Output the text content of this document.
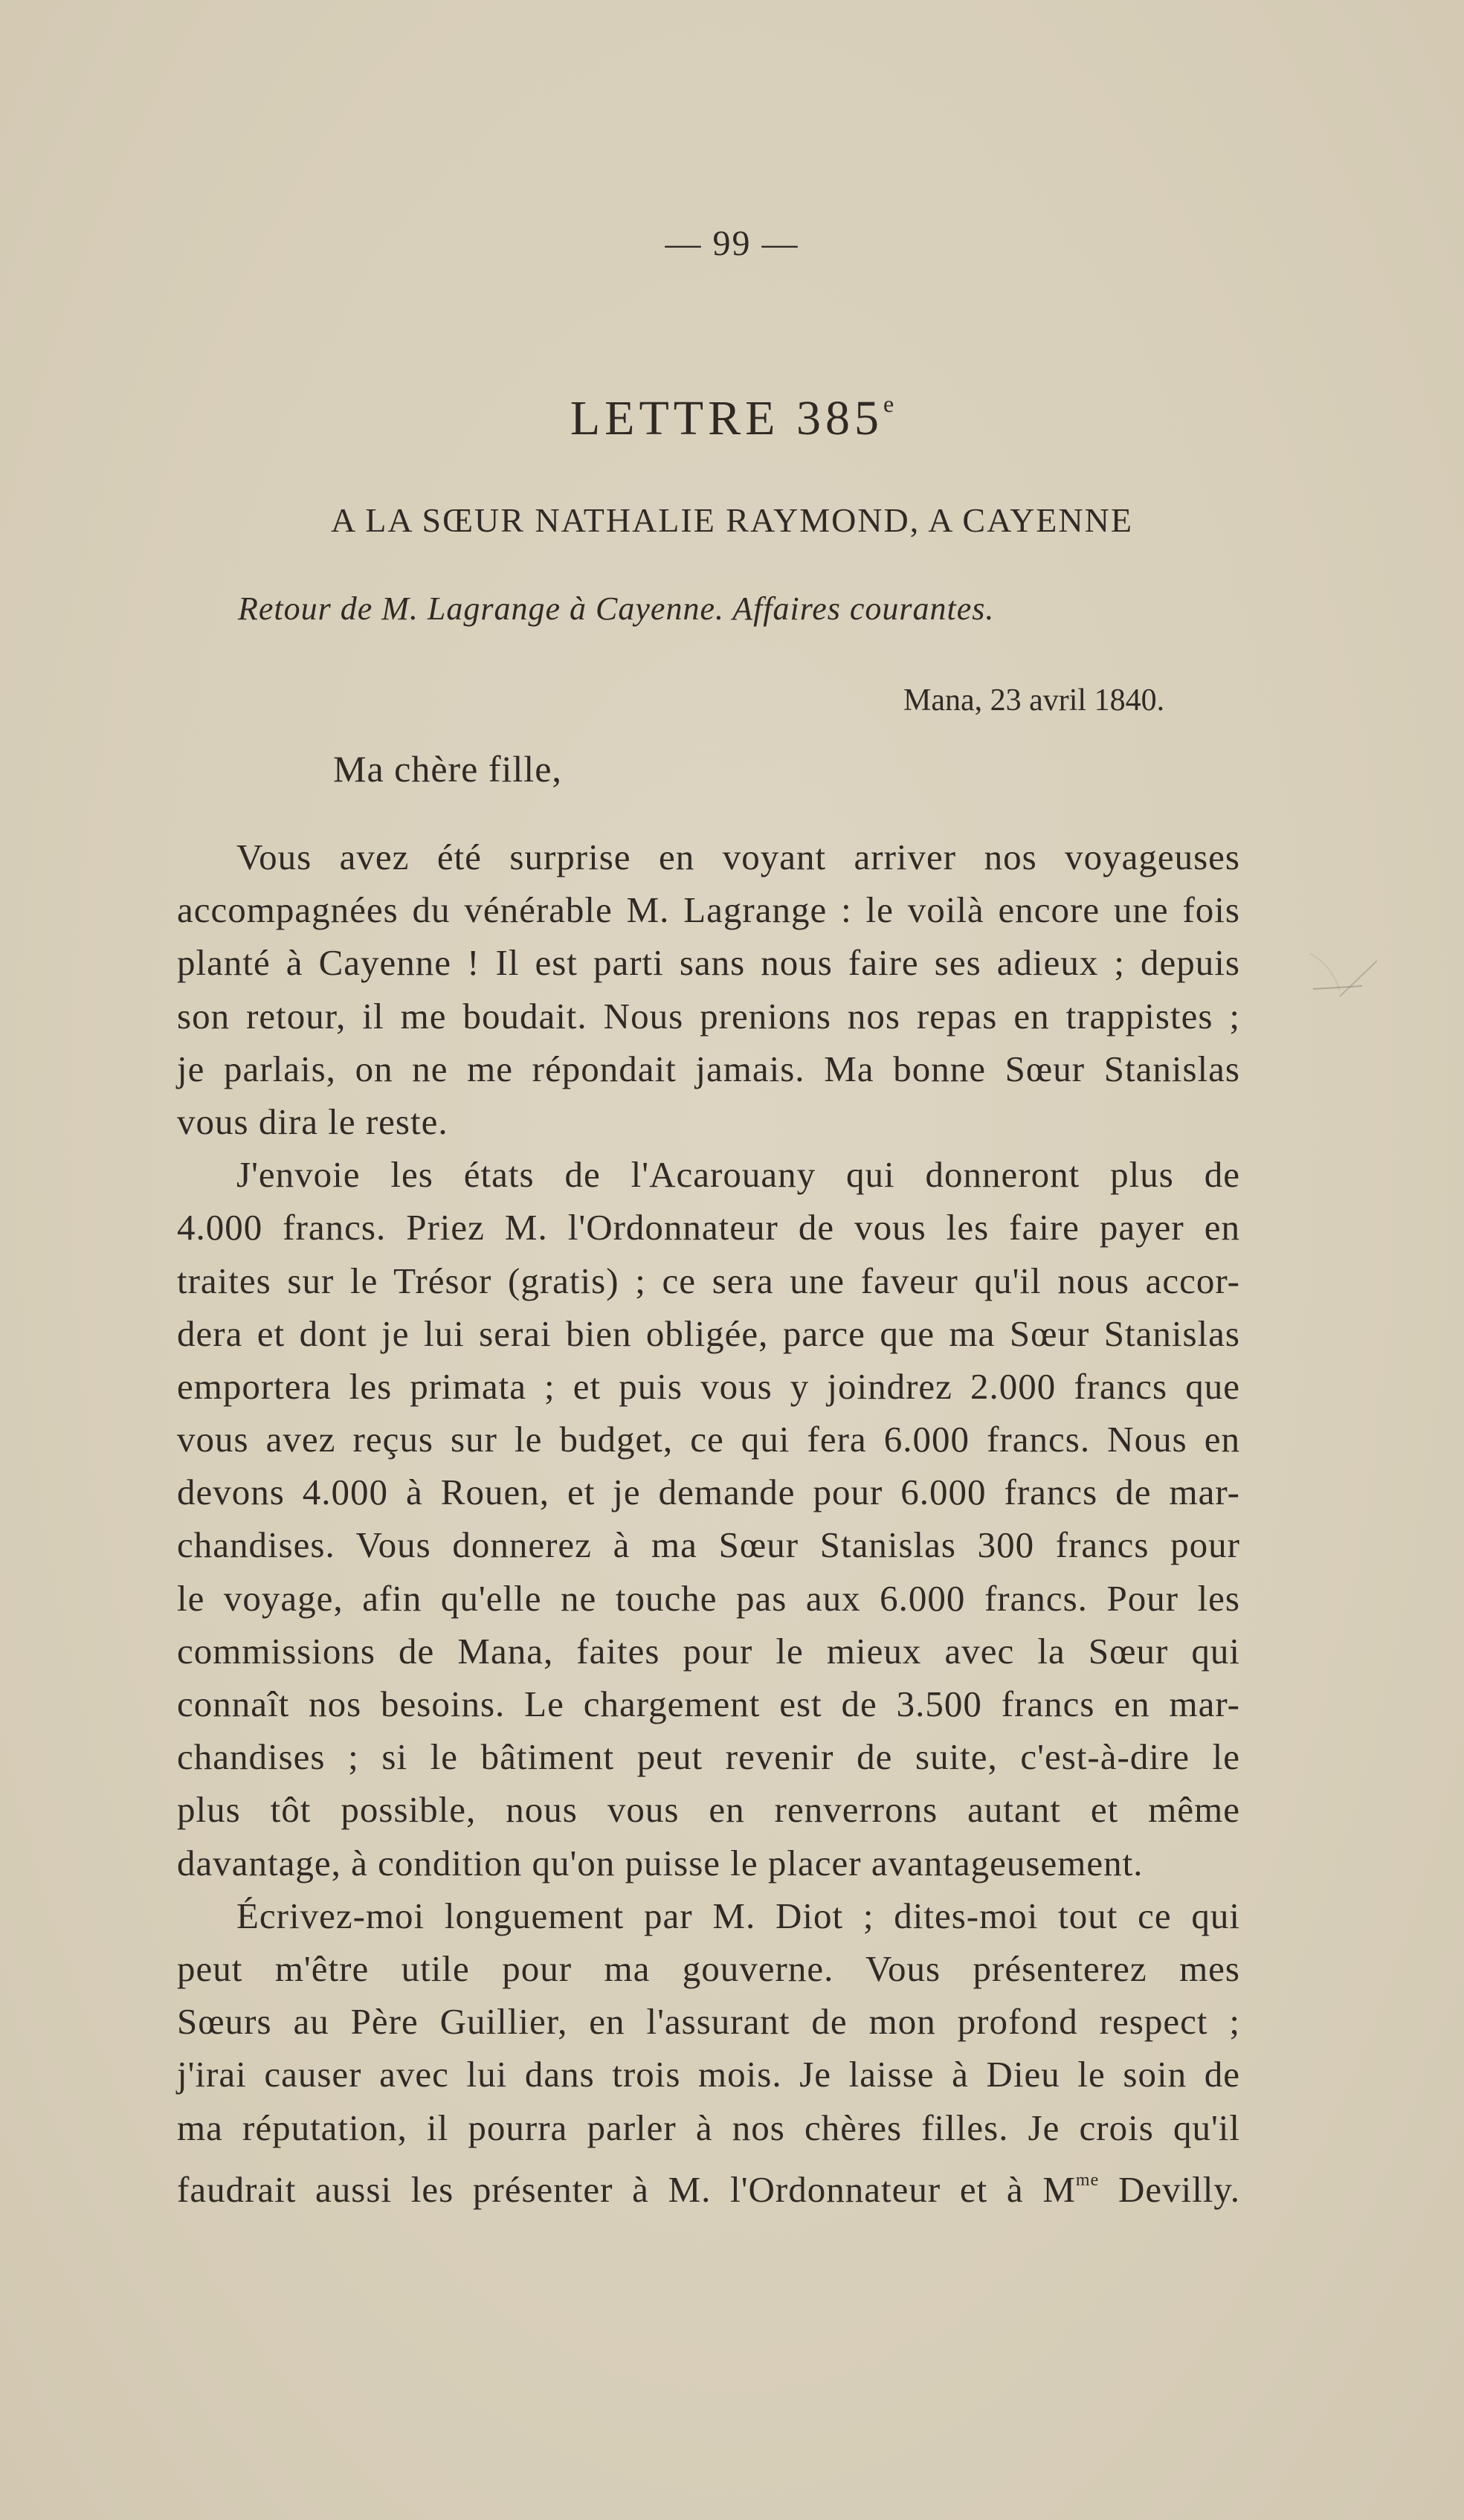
— 99 —
LETTRE 385e
A LA SŒUR NATHALIE RAYMOND, A CAYENNE
Retour de M. Lagrange à Cayenne. Affaires courantes.
Mana, 23 avril 1840.
Ma chère fille,
Vous avez été surprise en voyant arriver nos voyageuses
accompagnées du vénérable M. Lagrange : le voilà encore une fois
planté à Cayenne ! Il est parti sans nous faire ses adieux ; depuis
son retour, il me boudait. Nous prenions nos repas en trappistes ;
je parlais, on ne me répondait jamais. Ma bonne Sœur Stanislas
vous dira le reste.
J'envoie les états de l'Acarouany qui donneront plus de
4.000 francs. Priez M. l'Ordonnateur de vous les faire payer en
traites sur le Trésor (gratis) ; ce sera une faveur qu'il nous accor-
dera et dont je lui serai bien obligée, parce que ma Sœur Stanislas
emportera les primata ; et puis vous y joindrez 2.000 francs que
vous avez reçus sur le budget, ce qui fera 6.000 francs. Nous en
devons 4.000 à Rouen, et je demande pour 6.000 francs de mar-
chandises. Vous donnerez à ma Sœur Stanislas 300 francs pour
le voyage, afin qu'elle ne touche pas aux 6.000 francs. Pour les
commissions de Mana, faites pour le mieux avec la Sœur qui
connaît nos besoins. Le chargement est de 3.500 francs en mar-
chandises ; si le bâtiment peut revenir de suite, c'est-à-dire le
plus tôt possible, nous vous en renverrons autant et même
davantage, à condition qu'on puisse le placer avantageusement.
Écrivez-moi longuement par M. Diot ; dites-moi tout ce qui
peut m'être utile pour ma gouverne. Vous présenterez mes
Sœurs au Père Guillier, en l'assurant de mon profond respect ;
j'irai causer avec lui dans trois mois. Je laisse à Dieu le soin de
ma réputation, il pourra parler à nos chères filles. Je crois qu'il
faudrait aussi les présenter à M. l'Ordonnateur et à $M^{me}$ Devilly.
